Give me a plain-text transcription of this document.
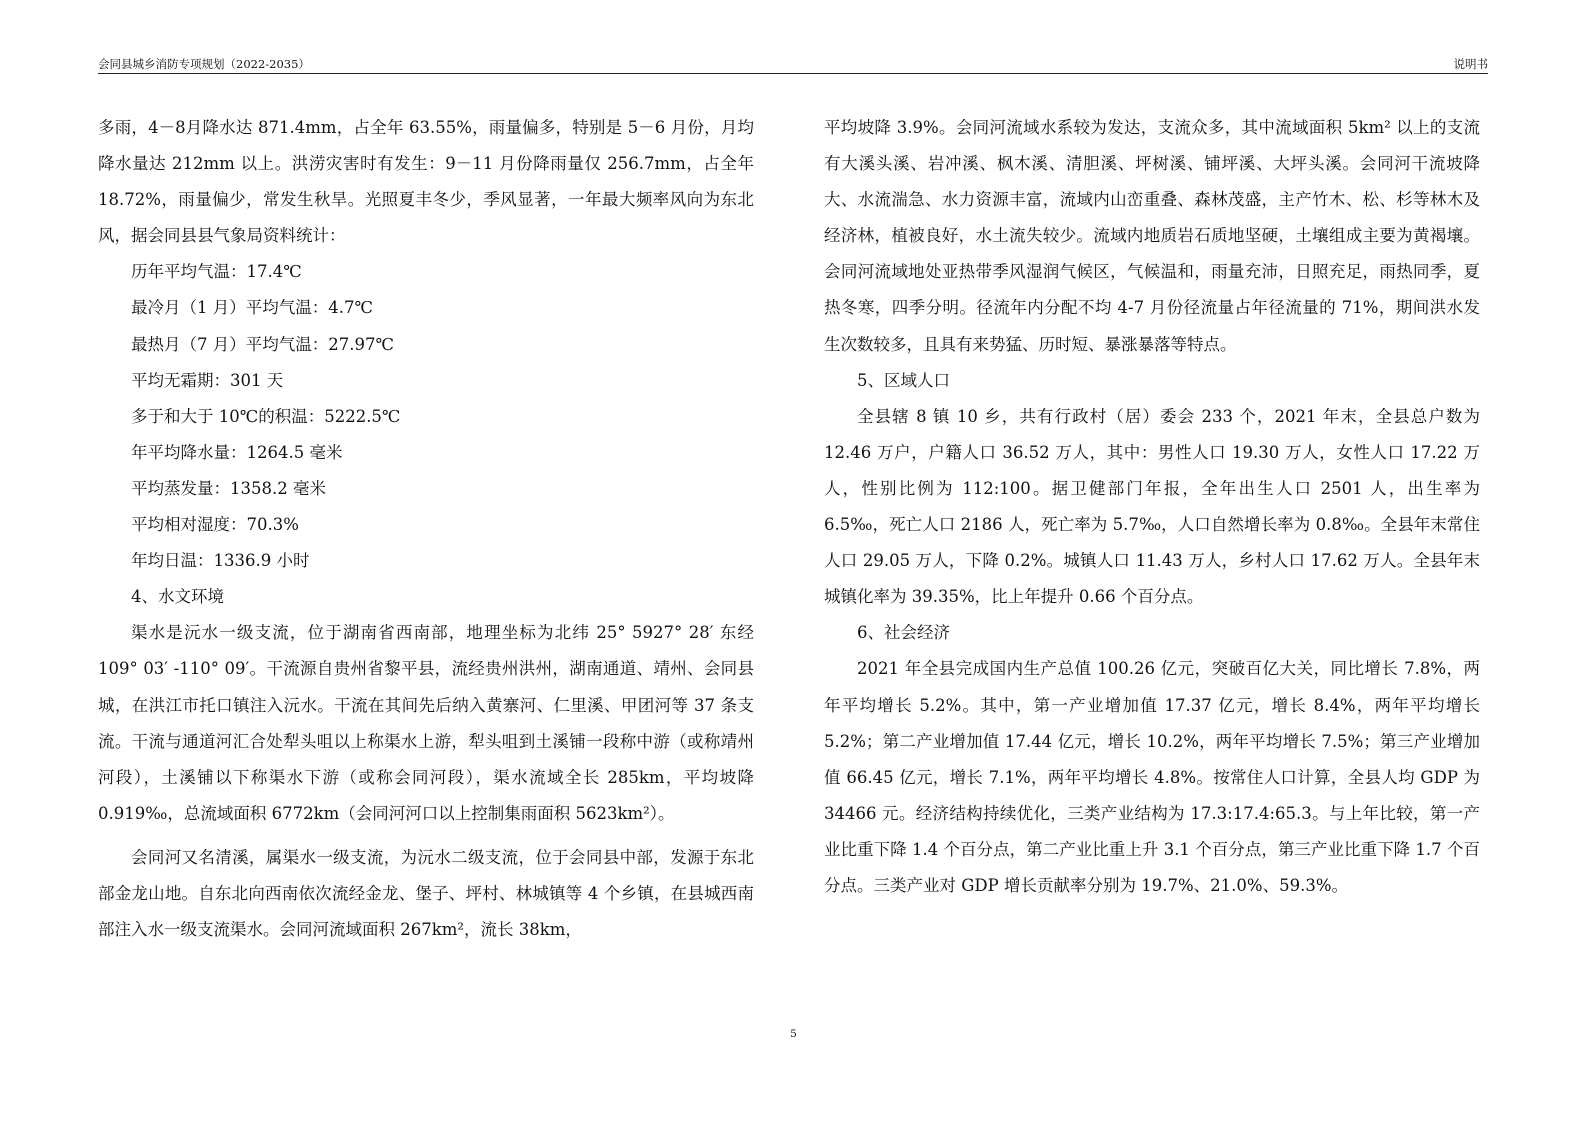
会同县城乡消防专项规划（2022-2035）	说明书

多雨，4－8月降水达 871.4mm，占全年 63.55%，雨量偏多，特别是 5－6 月份，月均降水量达 212mm 以上。洪涝灾害时有发生：9－11 月份降雨量仅 256.7mm，占全年 18.72%，雨量偏少，常发生秋旱。光照夏丰冬少，季风显著，一年最大频率风向为东北风，据会同县县气象局资料统计：

历年平均气温：17.4℃

最冷月（1 月）平均气温：4.7℃

最热月（7 月）平均气温：27.97℃

平均无霜期：301 天

多于和大于 10℃的积温：5222.5℃

年平均降水量：1264.5 毫米

平均蒸发量：1358.2 毫米

平均相对湿度：70.3%

年均日温：1336.9 小时

4、水文环境

渠水是沅水一级支流，位于湖南省西南部，地理坐标为北纬 25° 5927° 28′ 东经 109° 03′ -110° 09′。干流源自贵州省黎平县，流经贵州洪州，湖南通道、靖州、会同县城，在洪江市托口镇注入沅水。干流在其间先后纳入黄寨河、仁里溪、甲团河等 37 条支流。干流与通道河汇合处犁头咀以上称渠水上游，犁头咀到土溪铺一段称中游（或称靖州河段），土溪铺以下称渠水下游（或称会同河段），渠水流域全长 285km，平均坡降 0.919‰，总流域面积 6772km（会同河河口以上控制集雨面积 5623km²）。

会同河又名清溪，属渠水一级支流，为沅水二级支流，位于会同县中部，发源于东北部金龙山地。自东北向西南依次流经金龙、堡子、坪村、林城镇等 4 个乡镇，在县城西南部注入水一级支流渠水。会同河流域面积 267km²，流长 38km，

平均坡降 3.9%。会同河流域水系较为发达，支流众多，其中流域面积 5km² 以上的支流有大溪头溪、岩冲溪、枫木溪、清胆溪、坪树溪、铺坪溪、大坪头溪。会同河干流坡降大、水流湍急、水力资源丰富，流域内山峦重叠、森林茂盛，主产竹木、松、杉等林木及经济林，植被良好，水土流失较少。流域内地质岩石质地坚硬，土壤组成主要为黄褐壤。会同河流域地处亚热带季风湿润气候区，气候温和，雨量充沛，日照充足，雨热同季，夏热冬寒，四季分明。径流年内分配不均 4-7 月份径流量占年径流量的 71%，期间洪水发生次数较多，且具有来势猛、历时短、暴涨暴落等特点。

5、区域人口

全县辖 8 镇 10 乡，共有行政村（居）委会 233 个，2021 年末，全县总户数为 12.46 万户，户籍人口 36.52 万人，其中：男性人口 19.30 万人，女性人口 17.22 万人，性别比例为 112:100。据卫健部门年报，全年出生人口 2501 人，出生率为 6.5‰，死亡人口 2186 人，死亡率为 5.7‰，人口自然增长率为 0.8‰。全县年末常住人口 29.05 万人，下降 0.2%。城镇人口 11.43 万人，乡村人口 17.62 万人。全县年末城镇化率为 39.35%，比上年提升 0.66 个百分点。

6、社会经济

2021 年全县完成国内生产总值 100.26 亿元，突破百亿大关，同比增长 7.8%，两年平均增长 5.2%。其中，第一产业增加值 17.37 亿元，增长 8.4%，两年平均增长 5.2%；第二产业增加值 17.44 亿元，增长 10.2%，两年平均增长 7.5%；第三产业增加值 66.45 亿元，增长 7.1%，两年平均增长 4.8%。按常住人口计算，全县人均 GDP 为 34466 元。经济结构持续优化，三类产业结构为 17.3:17.4:65.3。与上年比较，第一产业比重下降 1.4 个百分点，第二产业比重上升 3.1 个百分点，第三产业比重下降 1.7 个百分点。三类产业对 GDP 增长贡献率分别为 19.7%、21.0%、59.3%。

5
